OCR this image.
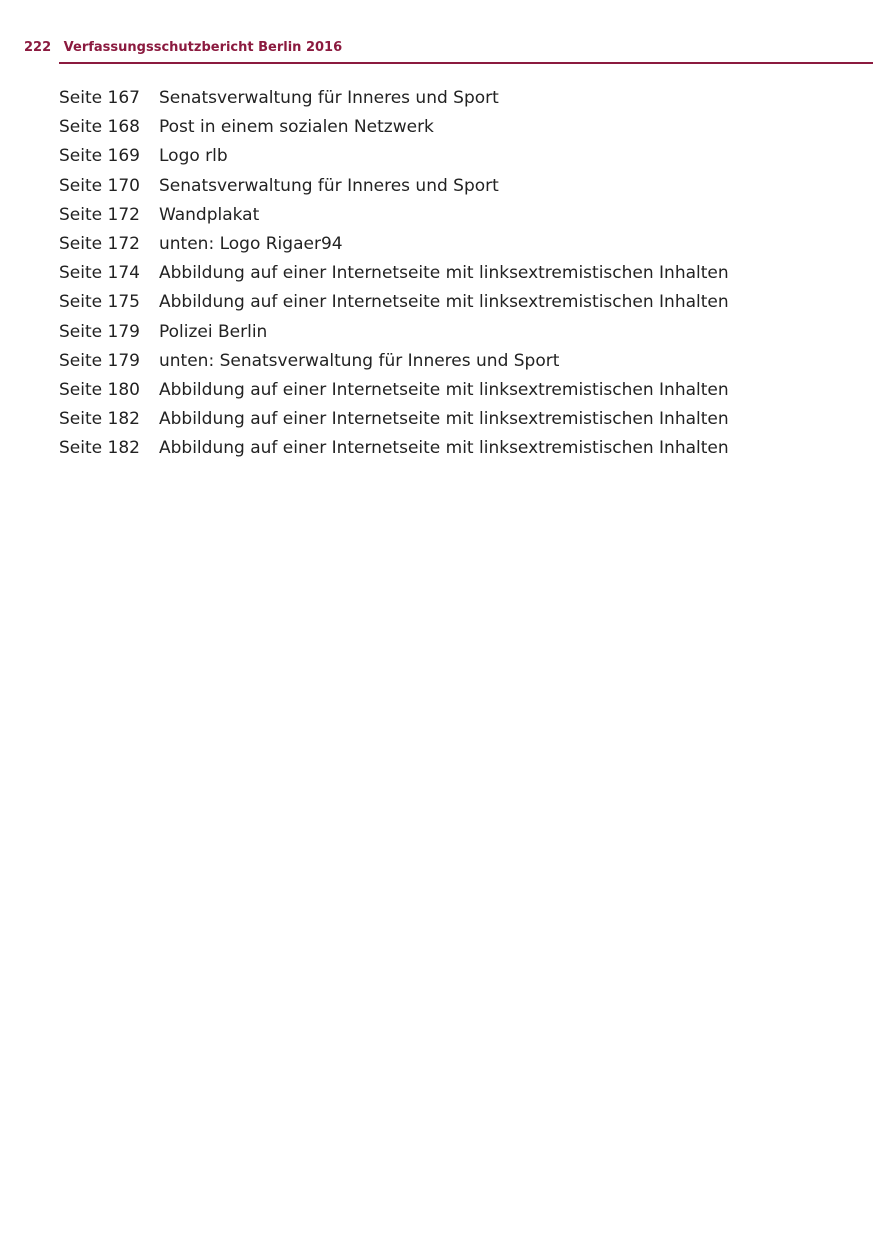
222 Verfassungsschutzbericht Berlin 2016
Seite 167 Senatsverwaltung für Inneres und Sport
Seite 168 Post in einem sozialen Netzwerk
Seite 169 Logo rlb
Seite 170 Senatsverwaltung für Inneres und Sport
Seite 172 Wandplakat
Seite 172 unten: Logo Rigaer94
Seite 174 Abbildung auf einer Internetseite mit linksextremistischen Inhalten
Seite 175 Abbildung auf einer Internetseite mit linksextremistischen Inhalten
Seite 179 Polizei Berlin
Seite 179 unten: Senatsverwaltung für Inneres und Sport
Seite 180 Abbildung auf einer Internetseite mit linksextremistischen Inhalten
Seite 182 Abbildung auf einer Internetseite mit linksextremistischen Inhalten
Seite 182 Abbildung auf einer Internetseite mit linksextremistischen Inhalten
